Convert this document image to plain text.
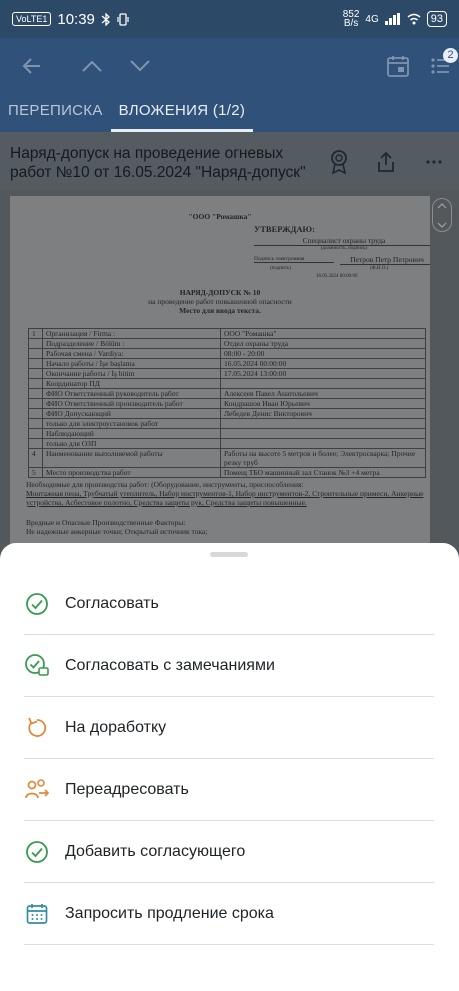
VoLTE1 10:39	852
B/s 4G	93
2
ПЕРЕПИСКА	ВЛОЖЕНИЯ (1/2)
Наряд-допуск на проведение огневых работ №10 от 16.05.2024 "Наряд-допуск"
"ООО "Ромашка"
УТВЕРЖДАЮ:
Специалист охраны труда
(должность, подпись)
Подпись электронная	Петров Петр Петрович
(подпись)	(Ф.И.О.)
16.05.2024 00:00:00
НАРЯД-ДОПУСК № 10
на проведение работ повышенной опасности
Место для ввода текста.
1	Организация / Firma :	ООО "Ромашка"
	Подразделение / Bölüm :	Отдел охраны труда
	Рабочая смена / Vardiya:	08:00 - 20:00
	Начало работы / İşe başlama	16.05.2024 00:00:00
	Окончание работы / İş bitim	17.05.2024 13:00:00
	Координатор ПД	
	ФИО Ответственный руководитель работ	Алексеев Павел Анатольевич
	ФИО Ответственный производитель работ	Кондрашов Иван Юрьевич
	ФИО Допускающий	Лебедев Денис Викторович
	только для электроустановок работ	
	Наблюдающий	
	только для ОЗП	
4	Наименование выполняемой работы	Работы на высоте 5 метров и более; Электросварка; Прочие резку труб
5	Место производства работ	Помещ ТБО машинный зал Станок №3 +4 метра
Необходимые для производства работ: (Оборудование, инструменты, приспособления:
Монтажная пена, Трубчатый утеплитель, Набор инструментов-1, Набор инструментов-2, Строительные примеси, Анкерные устройства, Асбестовое полотно, Средства защиты рук, Средства защиты повышенные.
Вредные и Опасные Производственные Факторы:
Не надежные анкерные точки; Открытый источник тока;
Согласовать
Согласовать с замечаниями
На доработку
Переадресовать
Добавить согласующего
Запросить продление срока
